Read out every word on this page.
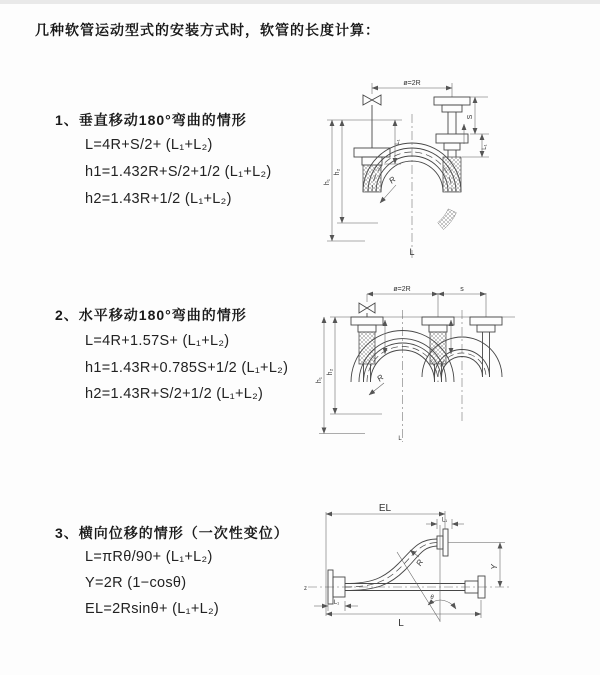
几种软管运动型式的安装方式时，软管的长度计算：
1、垂直移动180°弯曲的情形
L=4R+S/2+ (L₁+L₂)
h1=1.432R+S/2+1/2 (L₁+L₂)
h2=1.43R+1/2 (L₁+L₂)
2、水平移动180°弯曲的情形
L=4R+1.57S+ (L₁+L₂)
h1=1.43R+0.785S+1/2 (L₁+L₂)
h2=1.43R+S/2+1/2 (L₁+L₂)
3、横向位移的情形（一次性变位）
L=πRθ/90+ (L₁+L₂)
Y=2R (1−cosθ)
EL=2Rsinθ+ (L₁+L₂)
ø=2R
h₁
h₂
L₁
S
L₁
R
L
ø=2R	s
h₁
h₂
R
L
z
EL
L₁
Y
θ
R
L
L₁
